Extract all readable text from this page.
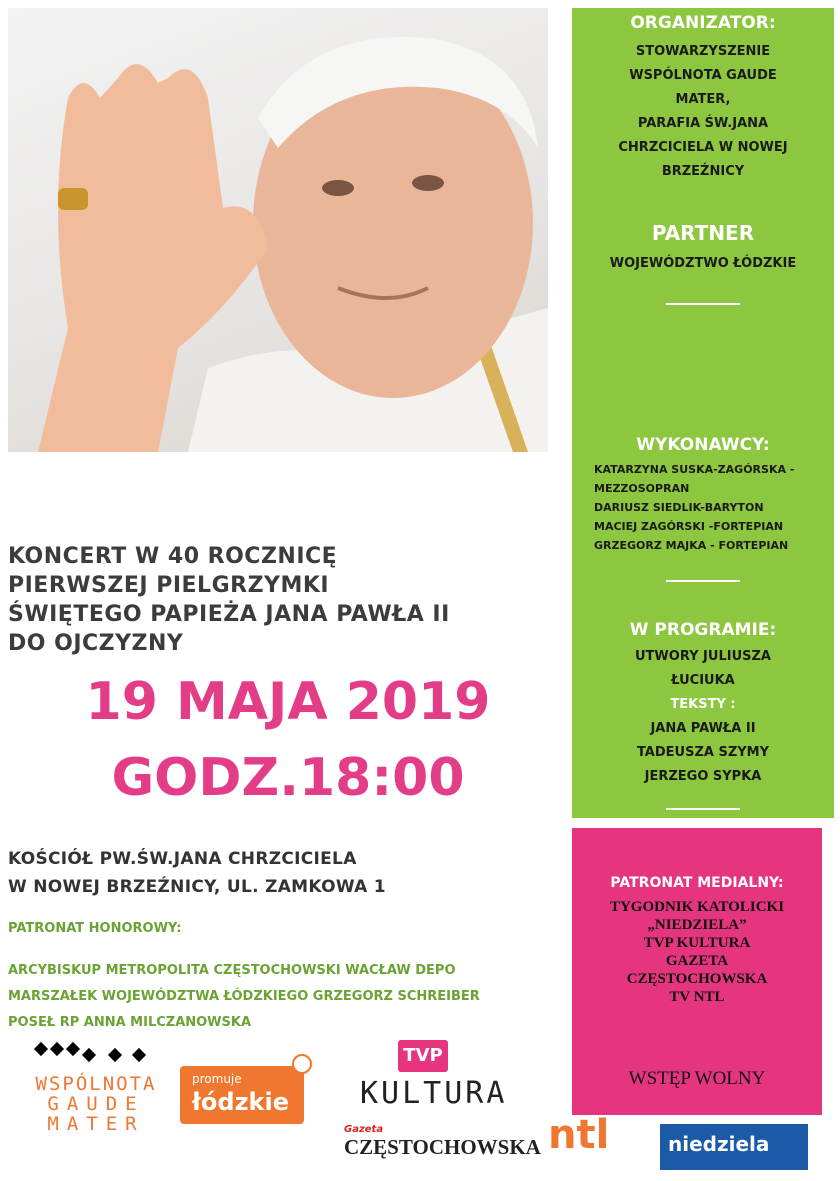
ORGANIZATOR:
STOWARZYSZENIE
WSPÓLNOTA GAUDE
MATER,
PARAFIA ŚW.JANA
CHRZCICIELA W NOWEJ
BRZEŹNICY
PARTNER
WOJEWÓDZTWO ŁÓDZKIE
WYKONAWCY:
KATARZYNA SUSKA-ZAGÓRSKA -
MEZZOSOPRAN
DARIUSZ SIEDLIK-BARYTON
MACIEJ ZAGÓRSKI -FORTEPIAN
GRZEGORZ MAJKA - FORTEPIAN
W PROGRAMIE:
UTWORY JULIUSZA
ŁUCIUKA
TEKSTY :
JANA PAWŁA II
TADEUSZA SZYMY
JERZEGO SYPKA
PATRONAT MEDIALNY:
TYGODNIK KATOLICKI
„NIEDZIELA”
TVP KULTURA
GAZETA
CZĘSTOCHOWSKA
TV NTL
WSTĘP WOLNY
KONCERT W 40 ROCZNICĘ
PIERWSZEJ PIELGRZYMKI
ŚWIĘTEGO PAPIEŻA JANA PAWŁA II
DO OJCZYZNY
19 MAJA 2019
GODZ.18:00
KOŚCIÓŁ PW.ŚW.JANA CHRZCICIELA
W NOWEJ BRZEŹNICY, UL. ZAMKOWA 1
PATRONAT HONOROWY:
ARCYBISKUP METROPOLITA CZĘSTOCHOWSKI WACŁAW DEPO
MARSZAŁEK WOJEWÓDZTWA ŁÓDZKIEGO GRZEGORZ SCHREIBER
POSEŁ RP ANNA MILCZANOWSKA
WSPÓLNOTA
GAUDE
MATER
promuje
łódzkie
TVP
KULTURA
Gazeta
CZĘSTOCHOWSKA ntl	niedziela
